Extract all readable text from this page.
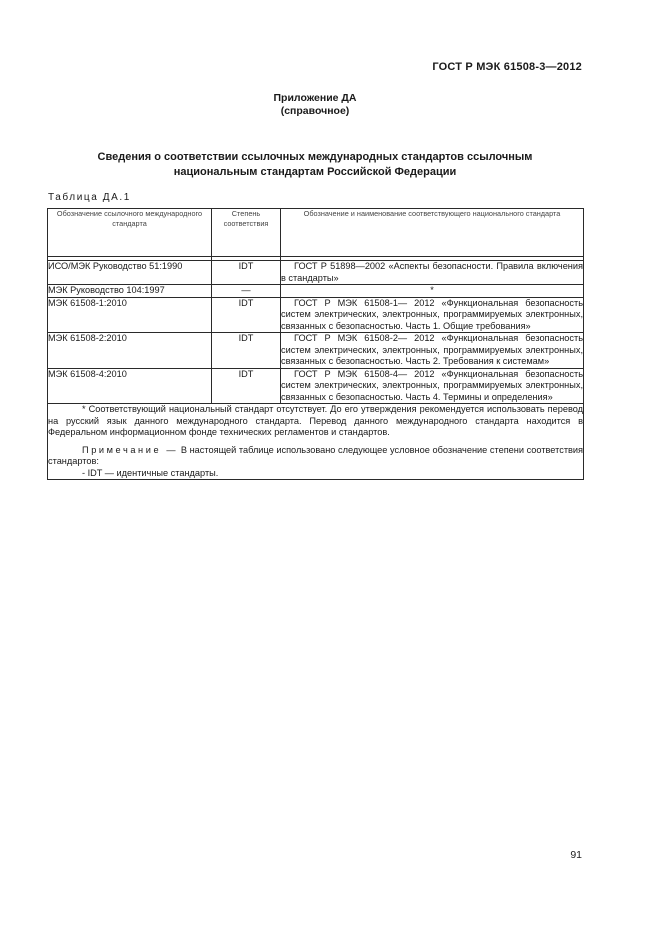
ГОСТ Р МЭК 61508-3—2012
Приложение ДА
(справочное)
Сведения о соответствии ссылочных международных стандартов ссылочным
национальным стандартам Российской Федерации
Таблица ДА.1
Обозначение ссылочного международного стандарта	Степень соответствия	Обозначение и наименование соответствующего национального стандарта

ИСО/МЭК Руководство 51:1990	IDT	ГОСТ Р 51898—2002 «Аспекты безопасности. Правила включения в стандарты»
МЭК Руководство 104:1997	—	*
МЭК 61508-1:2010	IDT	ГОСТ Р МЭК 61508-1— 2012 «Функциональная безопасность систем электрических, электронных, программируемых электронных, связанных с безопасностью. Часть 1. Общие требования»
МЭК 61508-2:2010	IDT	ГОСТ Р МЭК 61508-2— 2012 «Функциональная безопасность систем электрических, электронных, программируемых электронных, связанных с безопасностью. Часть 2. Требования к системам»
МЭК 61508-4:2010	IDT	ГОСТ Р МЭК 61508-4— 2012 «Функциональная безопасность систем электрических, электронных, программируемых электронных, связанных с безопасностью. Часть 4. Термины и определения»

* Соответствующий национальный стандарт отсутствует. До его утверждения рекомендуется использовать перевод на русский язык данного международного стандарта. Перевод данного международного стандарта находится в Федеральном информационном фонде технических регламентов и стандартов.

Примечание — В настоящей таблице использовано следующее условное обозначение степени соответствия стандартов:

- IDT — идентичные стандарты.		
91
